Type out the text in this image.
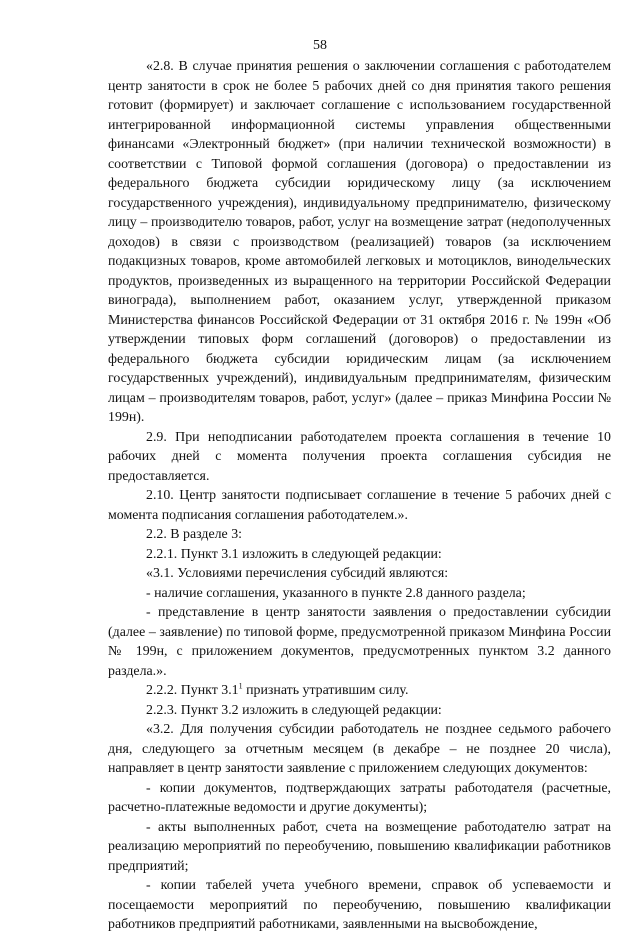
58

«2.8. В случае принятия решения о заключении соглашения с работодателем центр занятости в срок не более 5 рабочих дней со дня принятия такого решения готовит (формирует) и заключает соглашение с использованием государственной интегрированной информационной системы управления общественными финансами «Электронный бюджет» (при наличии технической возможности) в соответствии с Типовой формой соглашения (договора) о предоставлении из федерального бюджета субсидии юридическому лицу (за исключением государственного учреждения), индивидуальному предпринимателю, физическому лицу – производителю товаров, работ, услуг на возмещение затрат (недополученных доходов) в связи с производством (реализацией) товаров (за исключением подакцизных товаров, кроме автомобилей легковых и мотоциклов, винодельческих продуктов, произведенных из выращенного на территории Российской Федерации винограда), выполнением работ, оказанием услуг, утвержденной приказом Министерства финансов Российской Федерации от 31 октября 2016 г. № 199н «Об утверждении типовых форм соглашений (договоров) о предоставлении из федерального бюджета субсидии юридическим лицам (за исключением государственных учреждений), индивидуальным предпринимателям, физическим лицам – производителям товаров, работ, услуг» (далее – приказ Минфина России № 199н).

2.9. При неподписании работодателем проекта соглашения в течение 10 рабочих дней с момента получения проекта соглашения субсидия не предоставляется.

2.10. Центр занятости подписывает соглашение в течение 5 рабочих дней с момента подписания соглашения работодателем.».

2.2. В разделе 3:

2.2.1. Пункт 3.1 изложить в следующей редакции:

«3.1. Условиями перечисления субсидий являются:

- наличие соглашения, указанного в пункте 2.8 данного раздела;

- представление в центр занятости заявления о предоставлении субсидии (далее – заявление) по типовой форме, предусмотренной приказом Минфина России № 199н, с приложением документов, предусмотренных пунктом 3.2 данного раздела.».

2.2.2. Пункт $3.1^1$ признать утратившим силу.

2.2.3. Пункт 3.2 изложить в следующей редакции:

«3.2. Для получения субсидии работодатель не позднее седьмого рабочего дня, следующего за отчетным месяцем (в декабре – не позднее 20 числа), направляет в центр занятости заявление с приложением следующих документов:

- копии документов, подтверждающих затраты работодателя (расчетные, расчетно-платежные ведомости и другие документы);

- акты выполненных работ, счета на возмещение работодателю затрат на реализацию мероприятий по переобучению, повышению квалификации работников предприятий;

- копии табелей учета учебного времени, справок об успеваемости и посещаемости мероприятий по переобучению, повышению квалификации работников предприятий работниками, заявленными на высвобождение,
